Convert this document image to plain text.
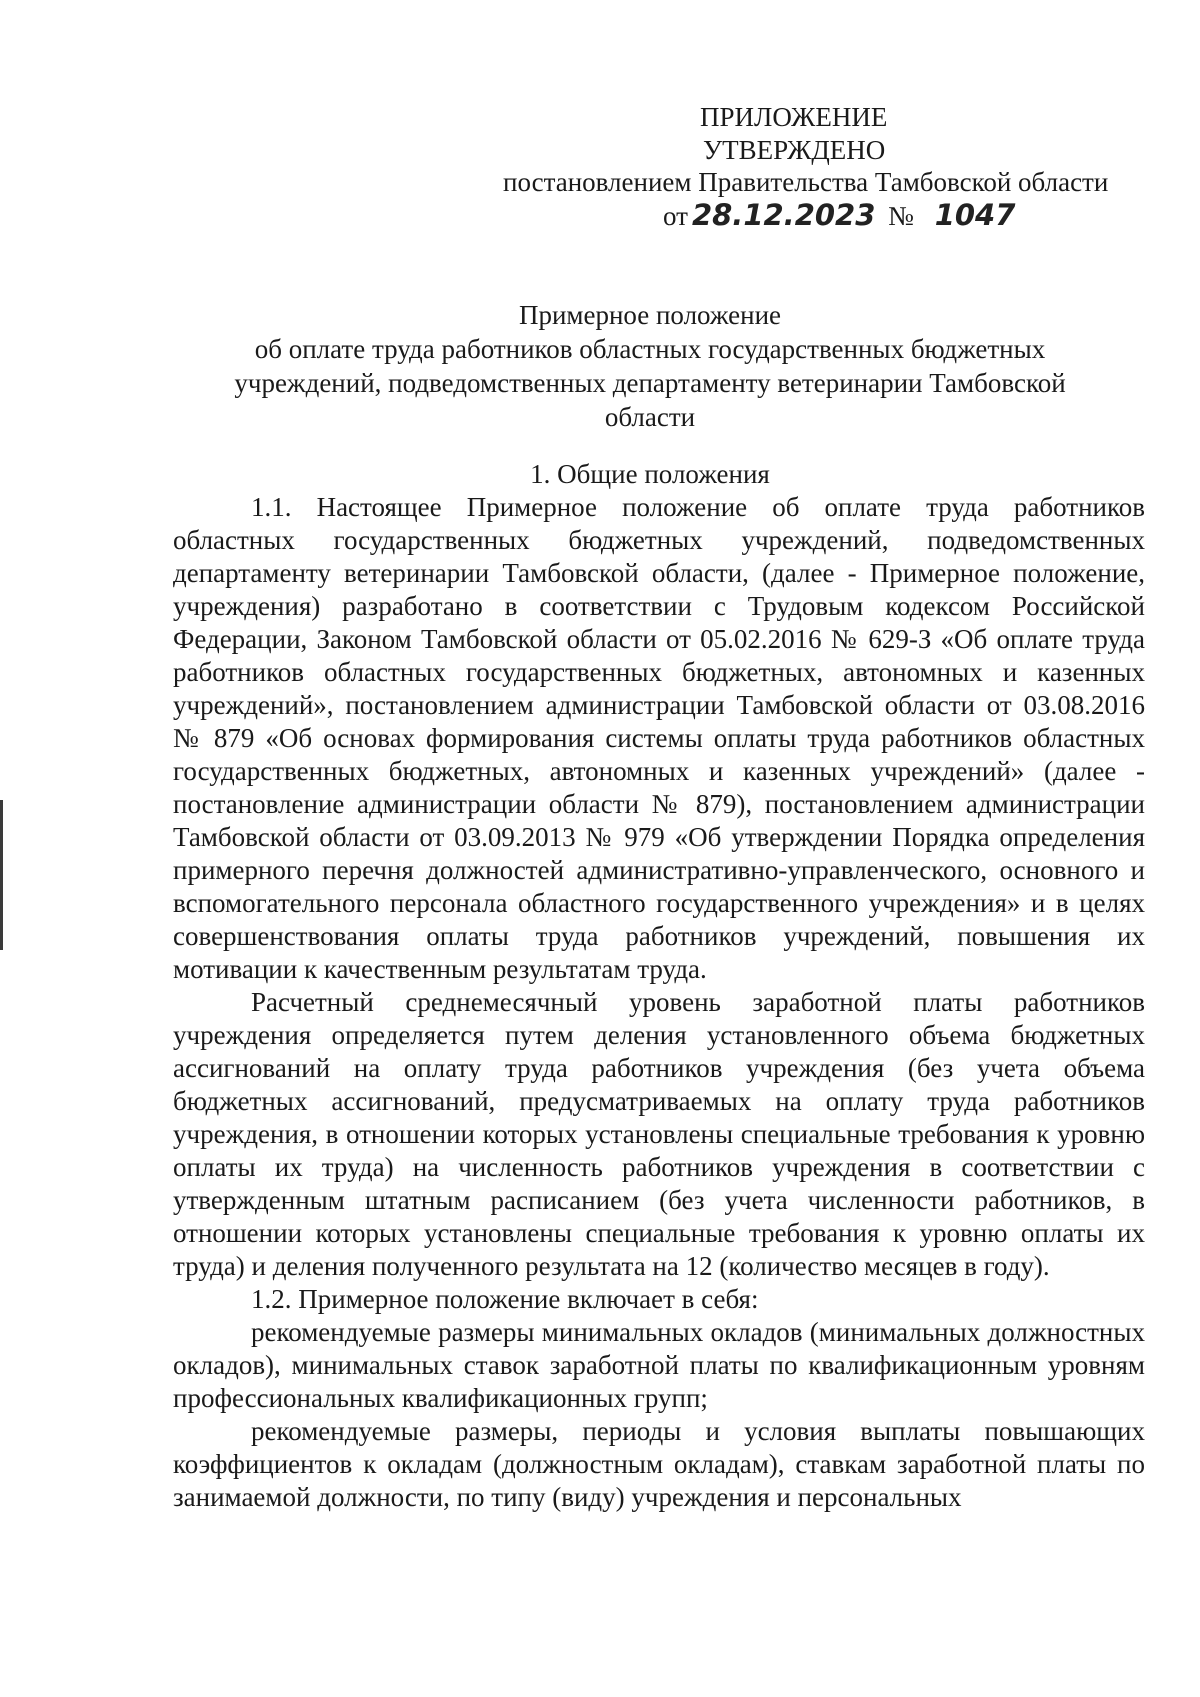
ПРИЛОЖЕНИЕ
УТВЕРЖДЕНО
постановлением Правительства Тамбовской области
от 28.12.2023 № 1047
Примерное положение
об оплате труда работников областных государственных бюджетных
учреждений, подведомственных департаменту ветеринарии Тамбовской
области
1. Общие положения

1.1. Настоящее Примерное положение об оплате труда работников областных государственных бюджетных учреждений, подведомственных департаменту ветеринарии Тамбовской области, (далее - Примерное положение, учреждения) разработано в соответствии с Трудовым кодексом Российской Федерации, Законом Тамбовской области от 05.02.2016 № 629-З «Об оплате труда работников областных государственных бюджетных, автономных и казенных учреждений», постановлением администрации Тамбовской области от 03.08.2016 № 879 «Об основах формирования системы оплаты труда работников областных государственных бюджетных, автономных и казенных учреждений» (далее - постановление администрации области № 879), постановлением администрации Тамбовской области от 03.09.2013 № 979 «Об утверждении Порядка определения примерного перечня должностей административно-управленческого, основного и вспомогательного персонала областного государственного учреждения» и в целях совершенствования оплаты труда работников учреждений, повышения их мотивации к качественным результатам труда.

Расчетный среднемесячный уровень заработной платы работников учреждения определяется путем деления установленного объема бюджетных ассигнований на оплату труда работников учреждения (без учета объема бюджетных ассигнований, предусматриваемых на оплату труда работников учреждения, в отношении которых установлены специальные требования к уровню оплаты их труда) на численность работников учреждения в соответствии с утвержденным штатным расписанием (без учета численности работников, в отношении которых установлены специальные требования к уровню оплаты их труда) и деления полученного результата на 12 (количество месяцев в году).

1.2. Примерное положение включает в себя:

рекомендуемые размеры минимальных окладов (минимальных должностных окладов), минимальных ставок заработной платы по квалификационным уровням профессиональных квалификационных групп;

рекомендуемые размеры, периоды и условия выплаты повышающих коэффициентов к окладам (должностным окладам), ставкам заработной платы по занимаемой должности, по типу (виду) учреждения и персональных
